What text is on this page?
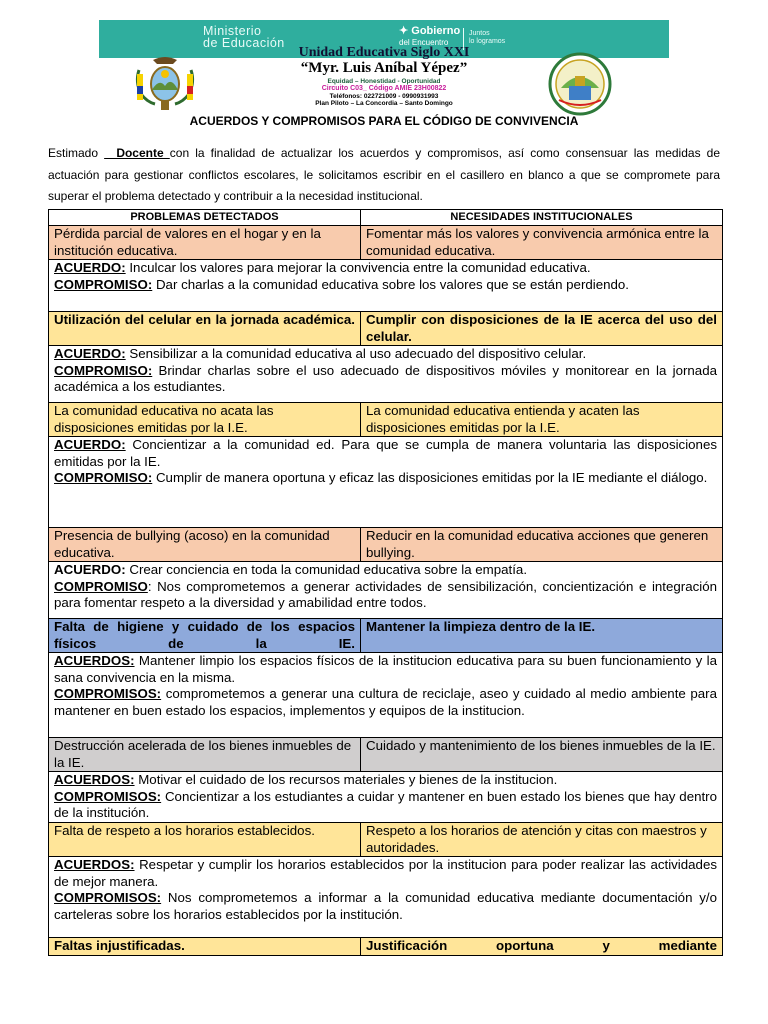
Ministerio
de Educación
✦ Gobierno
del Encuentro
Juntos
lo logramos
Unidad Educativa Siglo XXI
“Myr. Luis Aníbal Yépez”
Equidad – Honestidad - Oportunidad
Circuito C03_ Código AMIE 23H00822
Teléfonos: 022721009 - 0990931993
Plan Piloto – La Concordia – Santo Domingo
ACUERDOS Y COMPROMISOS PARA EL CÓDIGO DE CONVIVENCIA
Estimado   Docente con la finalidad de actualizar los acuerdos y compromisos, así como consensuar las medidas de actuación para gestionar conflictos escolares, le solicitamos escribir en el casillero en blanco a que se compromete para superar el problema detectado y contribuir a la necesidad institucional.
PROBLEMAS DETECTADOS	NECESIDADES INSTITUCIONALES
Pérdida parcial de valores en el hogar y en la institución educativa.	Fomentar más los valores y convivencia armónica entre la comunidad educativa.
ACUERDO: Inculcar los valores para mejorar la convivencia entre la comunidad educativa.
COMPROMISO: Dar charlas a la comunidad educativa sobre los valores que se están perdiendo.	
Utilización del celular en la jornada académica.	Cumplir con disposiciones de la IE acerca del uso del celular.
ACUERDO: Sensibilizar a la comunidad educativa al uso adecuado del dispositivo celular.
COMPROMISO: Brindar charlas sobre el uso adecuado de dispositivos móviles y monitorear en la jornada académica a los estudiantes.	
La comunidad educativa no acata las disposiciones emitidas por la I.E.	La comunidad educativa entienda y acaten las disposiciones emitidas por la I.E.
ACUERDO: Concientizar a la comunidad ed. Para que se cumpla de manera voluntaria las disposiciones emitidas por la IE.
COMPROMISO: Cumplir de manera oportuna y eficaz las disposiciones emitidas por la IE mediante el diálogo.	
Presencia de bullying (acoso) en la comunidad educativa.	Reducir en la comunidad educativa acciones que generen bullying.
ACUERDO: Crear conciencia en toda la comunidad educativa sobre la empatía.
COMPROMISO: Nos comprometemos a generar actividades de sensibilización, concientización e integración para fomentar respeto a la diversidad y amabilidad entre todos.	
Falta de higiene y cuidado de los espacios físicos de la IE.	Mantener la limpieza dentro de la IE.
ACUERDOS: Mantener limpio los espacios físicos de la institucion educativa para su buen funcionamiento y la sana convivencia en la misma.
COMPROMISOS: comprometemos a generar una cultura de reciclaje, aseo y cuidado al medio ambiente para mantener en buen estado los espacios, implementos y equipos de la institucion.	
Destrucción acelerada de los bienes inmuebles de la IE.	Cuidado y mantenimiento de los bienes inmuebles de la IE.
ACUERDOS: Motivar el cuidado de los recursos materiales y bienes de la institucion.
COMPROMISOS: Concientizar a los estudiantes a cuidar y mantener en buen estado los bienes que hay dentro de la institución.	
Falta de respeto a los horarios establecidos.	Respeto a los horarios de atención y citas con maestros y autoridades.
ACUERDOS: Respetar y cumplir los horarios establecidos por la institucion para poder realizar las actividades de mejor manera.
COMPROMISOS: Nos comprometemos a informar a la comunidad educativa mediante documentación y/o carteleras sobre los horarios establecidos por la institución.	
Faltas injustificadas.	Justificación oportuna y mediante
